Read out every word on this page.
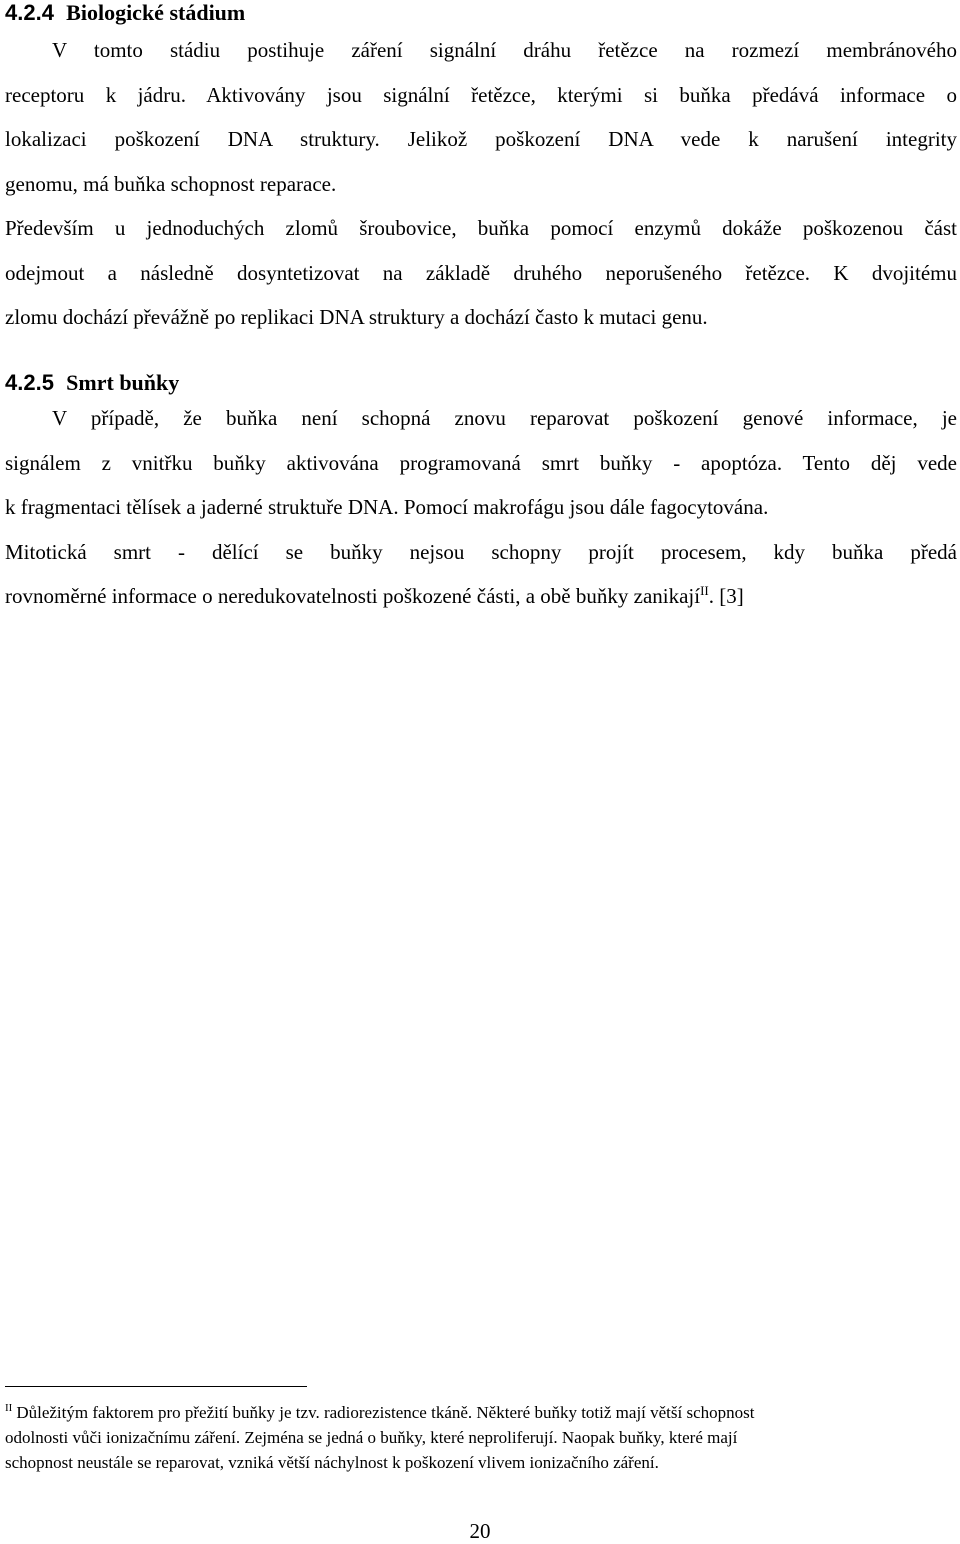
4.2.4 Biologické stádium
V tomto stádiu postihuje záření signální dráhu řetězce na rozmezí membránového
receptoru k jádru. Aktivovány jsou signální řetězce, kterými si buňka předává informace o
lokalizaci poškození DNA struktury. Jelikož poškození DNA vede k narušení integrity
genomu, má buňka schopnost reparace.
Především u jednoduchých zlomů šroubovice, buňka pomocí enzymů dokáže poškozenou část
odejmout a následně dosyntetizovat na základě druhého neporušeného řetězce. K dvojitému
zlomu dochází převážně po replikaci DNA struktury a dochází často k mutaci genu.
4.2.5 Smrt buňky
V případě, že buňka není schopná znovu reparovat poškození genové informace, je
signálem z vnitřku buňky aktivována programovaná smrt buňky - apoptóza. Tento děj vede
k fragmentaci tělísek a jaderné struktuře DNA. Pomocí makrofágu jsou dále fagocytována.
Mitotická smrt - dělící se buňky nejsou schopny projít procesem, kdy buňka předá
rovnoměrné informace o neredukovatelnosti poškozené části, a obě buňky zanikají$^{II}$. [3]
$^{II}$ Důležitým faktorem pro přežití buňky je tzv. radiorezistence tkáně. Některé buňky totiž mají větší schopnost
odolnosti vůči ionizačnímu záření. Zejména se jedná o buňky, které neproliferují. Naopak buňky, které mají
schopnost neustále se reparovat, vzniká větší náchylnost k poškození vlivem ionizačního záření.
20
